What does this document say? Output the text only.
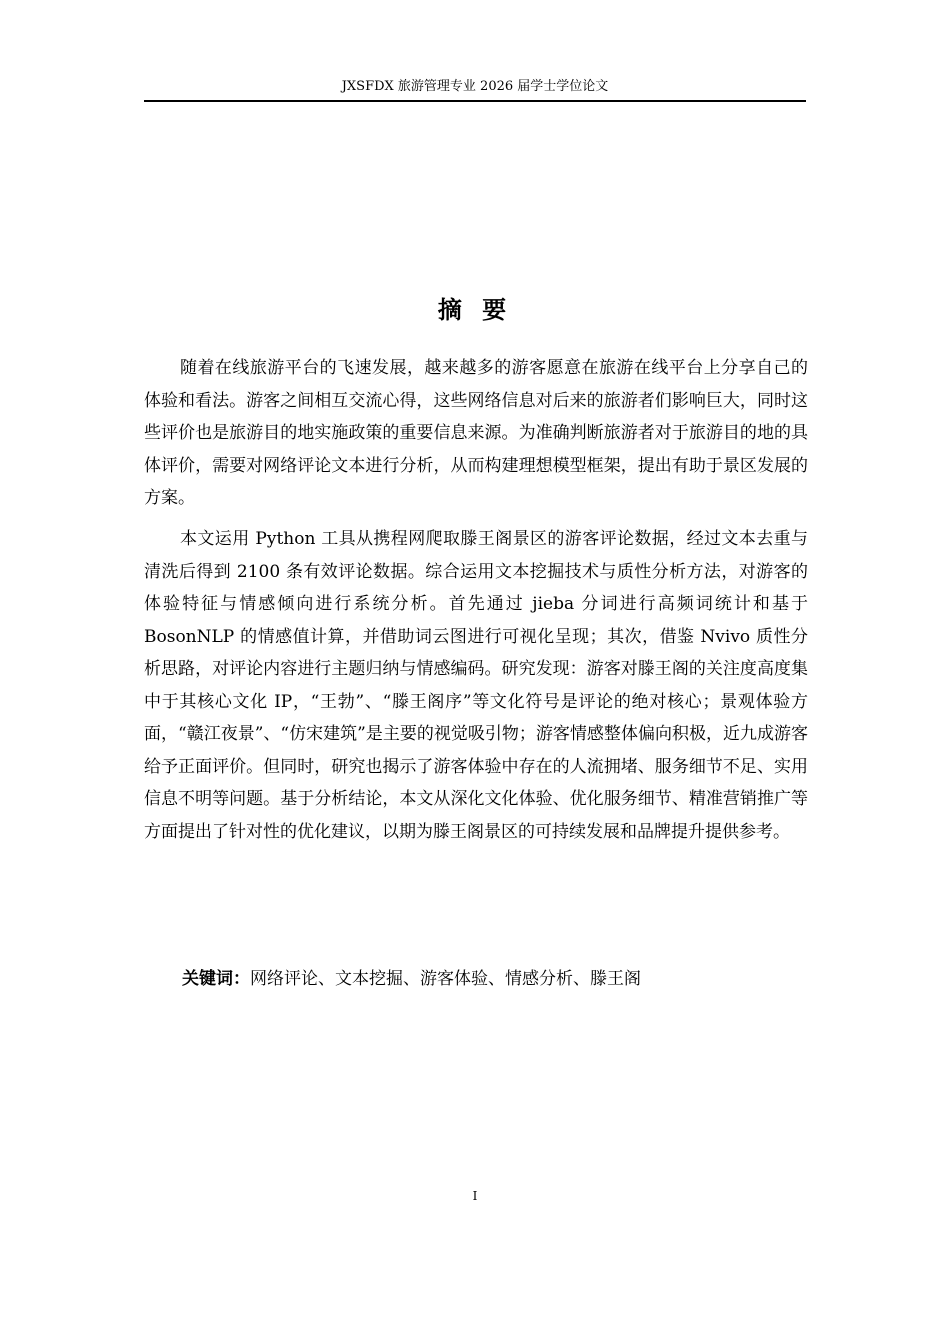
JXSFDX 旅游管理专业 2026 届学士学位论文
摘 要

随着在线旅游平台的飞速发展，越来越多的游客愿意在旅游在线平台上分享自己的体验和看法。游客之间相互交流心得，这些网络信息对后来的旅游者们影响巨大，同时这些评价也是旅游目的地实施政策的重要信息来源。为准确判断旅游者对于旅游目的地的具体评价，需要对网络评论文本进行分析，从而构建理想模型框架，提出有助于景区发展的方案。

本文运用 Python 工具从携程网爬取滕王阁景区的游客评论数据，经过文本去重与清洗后得到 2100 条有效评论数据。综合运用文本挖掘技术与质性分析方法，对游客的体验特征与情感倾向进行系统分析。首先通过 jieba 分词进行高频词统计和基于 BosonNLP 的情感值计算，并借助词云图进行可视化呈现；其次，借鉴 Nvivo 质性分析思路，对评论内容进行主题归纳与情感编码。研究发现：游客对滕王阁的关注度高度集中于其核心文化 IP，“王勃”、“滕王阁序”等文化符号是评论的绝对核心；景观体验方面，“赣江夜景”、“仿宋建筑”是主要的视觉吸引物；游客情感整体偏向积极，近九成游客给予正面评价。但同时，研究也揭示了游客体验中存在的人流拥堵、服务细节不足、实用信息不明等问题。基于分析结论，本文从深化文化体验、优化服务细节、精准营销推广等方面提出了针对性的优化建议，以期为滕王阁景区的可持续发展和品牌提升提供参考。

关键词：网络评论、文本挖掘、游客体验、情感分析、滕王阁
I
